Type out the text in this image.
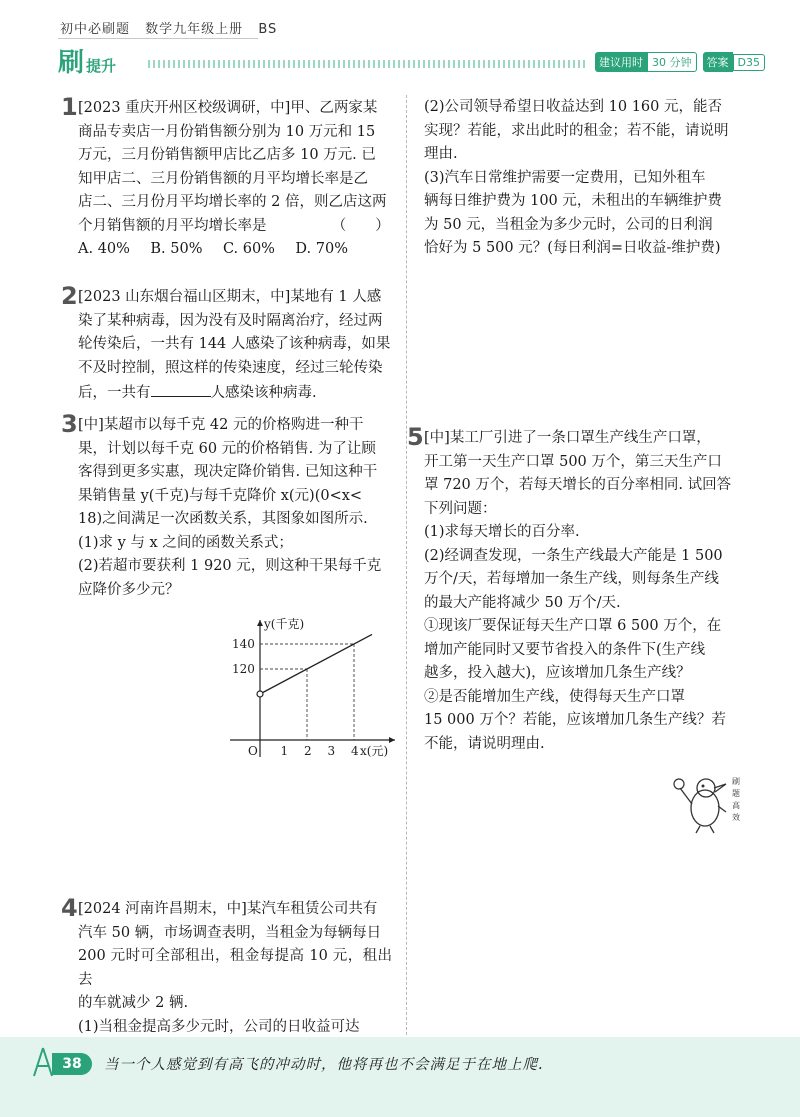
初中必刷题 数学九年级上册 BS
刷提升	建议用时 30 分钟	答案 D35
1 [2023 重庆开州区校级调研，中]甲、乙两家某

商品专卖店一月份销售额分别为 10 万元和 15

万元，三月份销售额甲店比乙店多 10 万元. 已

知甲店二、三月份销售额的月平均增长率是乙

店二、三月份月平均增长率的 2 倍，则乙店这两

个月销售额的月平均增长率是　　　　　（　　）

A. 40% B. 50% C. 60% D. 70%
2 [2023 山东烟台福山区期末，中]某地有 1 人感

染了某种病毒，因为没有及时隔离治疗，经过两

轮传染后，一共有 144 人感染了该种病毒，如果

不及时控制，照这样的传染速度，经过三轮传染

后，一共有	人感染该种病毒.

3 [中]某超市以每千克 42 元的价格购进一种干

果，计划以每千克 60 元的价格销售. 为了让顾

客得到更多实惠，现决定降价销售. 已知这种干

果销售量 y(千克)与每千克降价 x(元)(0<x<

18)之间满足一次函数关系，其图象如图所示.

(1)求 y 与 x 之间的函数关系式；

(2)若超市要获利 1 920 元，则这种干果每千克

应降价多少元？

y(千克)
x(元)
O 1 2 3 4
120
140
4 [2024 河南许昌期末，中]某汽车租赁公司共有

汽车 50 辆，市场调查表明，当租金为每辆每日

200 元时可全部租出，租金每提高 10 元，租出去

的车就减少 2 辆.

(1)当租金提高多少元时，公司的日收益可达

(2)公司领导希望日收益达到 10 160 元，能否

实现？若能，求出此时的租金；若不能，请说明

理由.

(3)汽车日常维护需要一定费用，已知外租车

辆每日维护费为 100 元，未租出的车辆维护费

为 50 元，当租金为多少元时，公司的日利润

恰好为 5 500 元？(每日利润=日收益-维护费)

5 [中]某工厂引进了一条口罩生产线生产口罩，

开工第一天生产口罩 500 万个，第三天生产口

罩 720 万个，若每天增长的百分率相同. 试回答

下列问题：

(1)求每天增长的百分率.

(2)经调查发现，一条生产线最大产能是 1 500

万个/天，若每增加一条生产线，则每条生产线

的最大产能将减少 50 万个/天.

①现该厂要保证每天生产口罩 6 500 万个，在

增加产能同时又要节省投入的条件下(生产线

越多，投入越大)，应该增加几条生产线？

②是否能增加生产线，使得每天生产口罩

15 000 万个？若能，应该增加几条生产线？若

不能，请说明理由.

刷
题
高
效
38	当一个人感觉到有高飞的冲动时，他将再也不会满足于在地上爬.
